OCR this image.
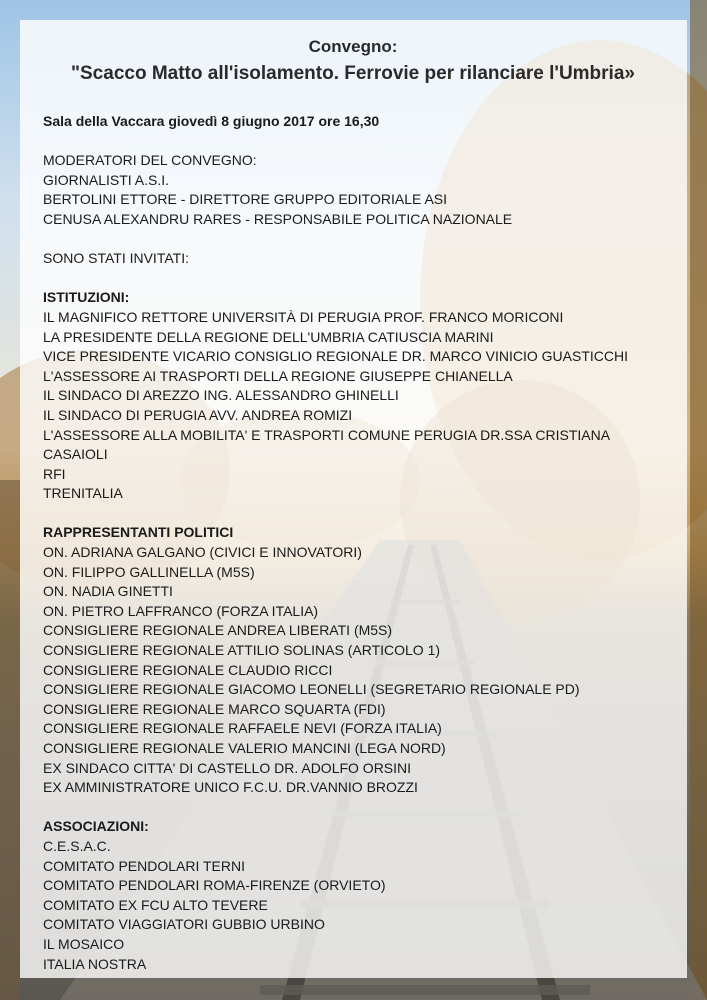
Convegno:
"Scacco Matto all'isolamento. Ferrovie per rilanciare l'Umbria»
Sala della Vaccara giovedì 8 giugno 2017 ore 16,30
MODERATORI DEL CONVEGNO:
GIORNALISTI A.S.I.
BERTOLINI ETTORE - DIRETTORE GRUPPO EDITORIALE ASI
CENUSA ALEXANDRU RARES - RESPONSABILE POLITICA NAZIONALE
SONO STATI INVITATI:
ISTITUZIONI:
IL MAGNIFICO RETTORE UNIVERSITÀ DI PERUGIA PROF. FRANCO MORICONI
LA PRESIDENTE DELLA REGIONE DELL'UMBRIA CATIUSCIA MARINI
VICE PRESIDENTE VICARIO CONSIGLIO REGIONALE DR. MARCO VINICIO GUASTICCHI
L'ASSESSORE AI TRASPORTI DELLA REGIONE GIUSEPPE CHIANELLA
IL SINDACO DI AREZZO ING. ALESSANDRO GHINELLI
IL SINDACO DI PERUGIA AVV. ANDREA ROMIZI
L'ASSESSORE ALLA MOBILITA' E TRASPORTI COMUNE PERUGIA DR.SSA CRISTIANA
CASAIOLI
RFI
TRENITALIA
RAPPRESENTANTI POLITICI
ON. ADRIANA GALGANO (CIVICI E INNOVATORI)
ON. FILIPPO GALLINELLA (M5S)
ON. NADIA GINETTI
ON. PIETRO LAFFRANCO (FORZA ITALIA)
CONSIGLIERE REGIONALE ANDREA LIBERATI (M5S)
CONSIGLIERE REGIONALE ATTILIO SOLINAS (ARTICOLO 1)
CONSIGLIERE REGIONALE CLAUDIO RICCI
CONSIGLIERE REGIONALE GIACOMO LEONELLI (SEGRETARIO REGIONALE PD)
CONSIGLIERE REGIONALE MARCO SQUARTA (FDI)
CONSIGLIERE REGIONALE RAFFAELE NEVI (FORZA ITALIA)
CONSIGLIERE REGIONALE VALERIO MANCINI (LEGA NORD)
EX SINDACO CITTA' DI CASTELLO DR. ADOLFO ORSINI
EX AMMINISTRATORE UNICO F.C.U. DR.VANNIO BROZZI
ASSOCIAZIONI:
C.E.S.A.C.
COMITATO PENDOLARI TERNI
COMITATO PENDOLARI ROMA-FIRENZE (ORVIETO)
COMITATO EX FCU ALTO TEVERE
COMITATO VIAGGIATORI GUBBIO URBINO
IL MOSAICO
ITALIA NOSTRA
